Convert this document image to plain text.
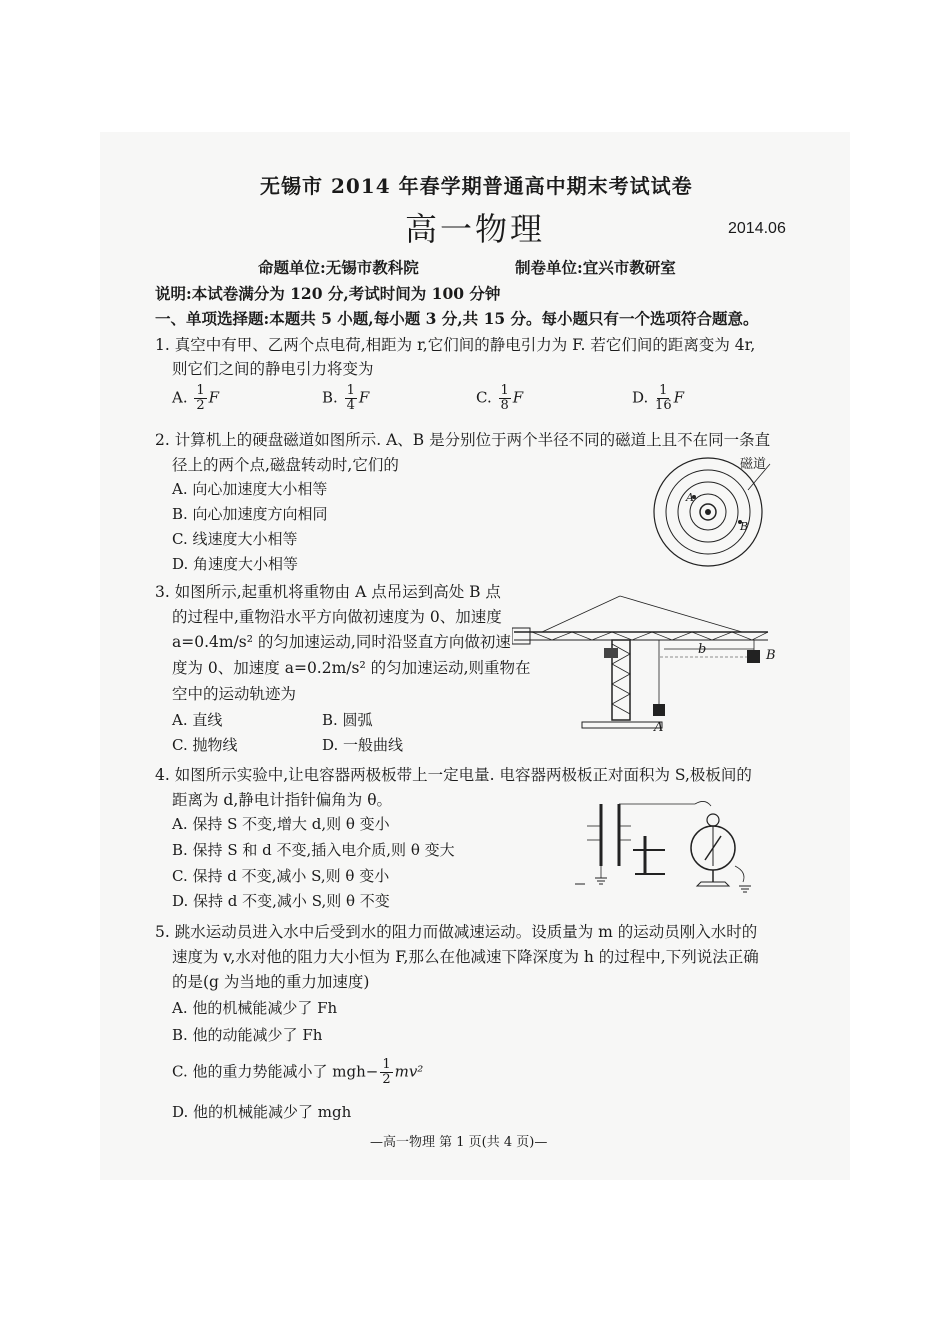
无锡市 2014 年春学期普通高中期末考试试卷
高一物理	2014.06
命题单位:无锡市教科院	制卷单位:宜兴市教研室
说明:本试卷满分为 120 分,考试时间为 100 分钟
一、单项选择题:本题共 5 小题,每小题 3 分,共 15 分。每小题只有一个选项符合题意。
1. 真空中有甲、乙两个点电荷,相距为 r,它们间的静电引力为 F. 若它们间的距离变为 4r,
则它们之间的静电引力将变为
A. $\frac{1}{2}$ F	B. $\frac{1}{4}$ F	C. $\frac{1}{8}$ F	D. $\frac{1}{16}$ F
2. 计算机上的硬盘磁道如图所示. A、B 是分别位于两个半径不同的磁道上且不在同一条直
径上的两个点,磁盘转动时,它们的
A. 向心加速度大小相等
B. 向心加速度方向相同
C. 线速度大小相等
D. 角速度大小相等
磁道
A
B
3. 如图所示,起重机将重物由 A 点吊运到高处 B 点
的过程中,重物沿水平方向做初速度为 0、加速度
a=0.4m/s² 的匀加速运动,同时沿竖直方向做初速
度为 0、加速度 a=0.2m/s² 的匀加速运动,则重物在
空中的运动轨迹为
A. 直线	B. 圆弧
C. 抛物线	D. 一般曲线
A
B
b
4. 如图所示实验中,让电容器两极板带上一定电量. 电容器两极板正对面积为 S,极板间的
距离为 d,静电计指针偏角为 θ。
A. 保持 S 不变,增大 d,则 θ 变小
B. 保持 S 和 d 不变,插入电介质,则 θ 变大
C. 保持 d 不变,减小 S,则 θ 变小
D. 保持 d 不变,减小 S,则 θ 不变
5. 跳水运动员进入水中后受到水的阻力而做减速运动。设质量为 m 的运动员刚入水时的
速度为 v,水对他的阻力大小恒为 F,那么在他减速下降深度为 h 的过程中,下列说法正确
的是(g 为当地的重力加速度)
A. 他的机械能减少了 Fh
B. 他的动能减少了 Fh
C. 他的重力势能减小了 $mgh- \frac{1}{2} mv^2$
D. 他的机械能减少了 mgh
—高一物理 第 1 页(共 4 页)—
